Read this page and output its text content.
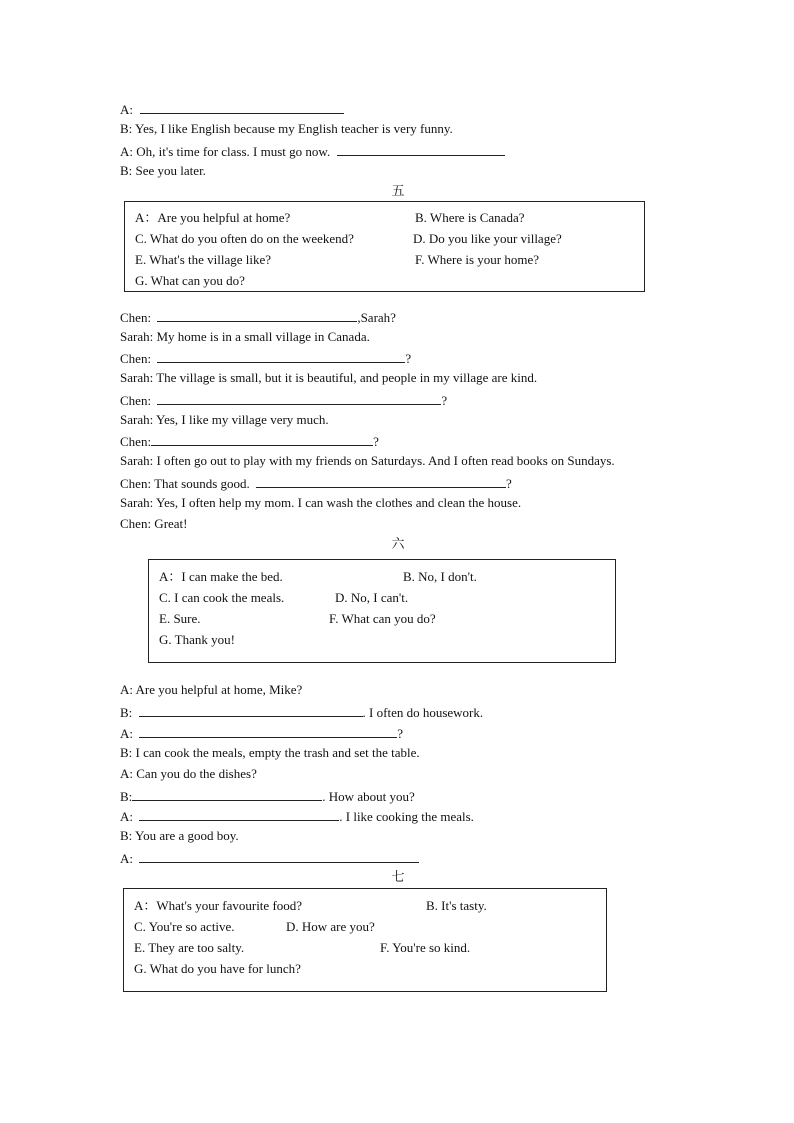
A:
B: Yes, I like English because my English teacher is very funny.
A: Oh, it's time for class. I must go now.
B: See you later.
五
A：Are you helpful at home?	B. Where is Canada?
C. What do you often do on the weekend?	D. Do you like your village?
E. What's the village like?	F. Where is your home?
G. What can you do?
Chen:	,Sarah?
Sarah: My home is in a small village in Canada.
Chen:	?
Sarah: The village is small, but it is beautiful, and people in my village are kind.
Chen:	?
Sarah: Yes, I like my village very much.
Chen:	?
Sarah: I often go out to play with my friends on Saturdays. And I often read books on Sundays.
Chen: That sounds good.	?
Sarah: Yes, I often help my mom. I can wash the clothes and clean the house.
Chen: Great!
六
A：I can make the bed.	B. No, I don't.
C. I can cook the meals.	D. No, I can't.
E. Sure.	F. What can you do?
G. Thank you!
A: Are you helpful at home, Mike?
B:	. I often do housework.
A:	?
B: I can cook the meals, empty the trash and set the table.
A: Can you do the dishes?
B:	. How about you?
A:	. I like cooking the meals.
B: You are a good boy.
A:
七
A：What's your favourite food?	B. It's tasty.
C. You're so active.	D. How are you?
E. They are too salty.	F. You're so kind.
G. What do you have for lunch?
